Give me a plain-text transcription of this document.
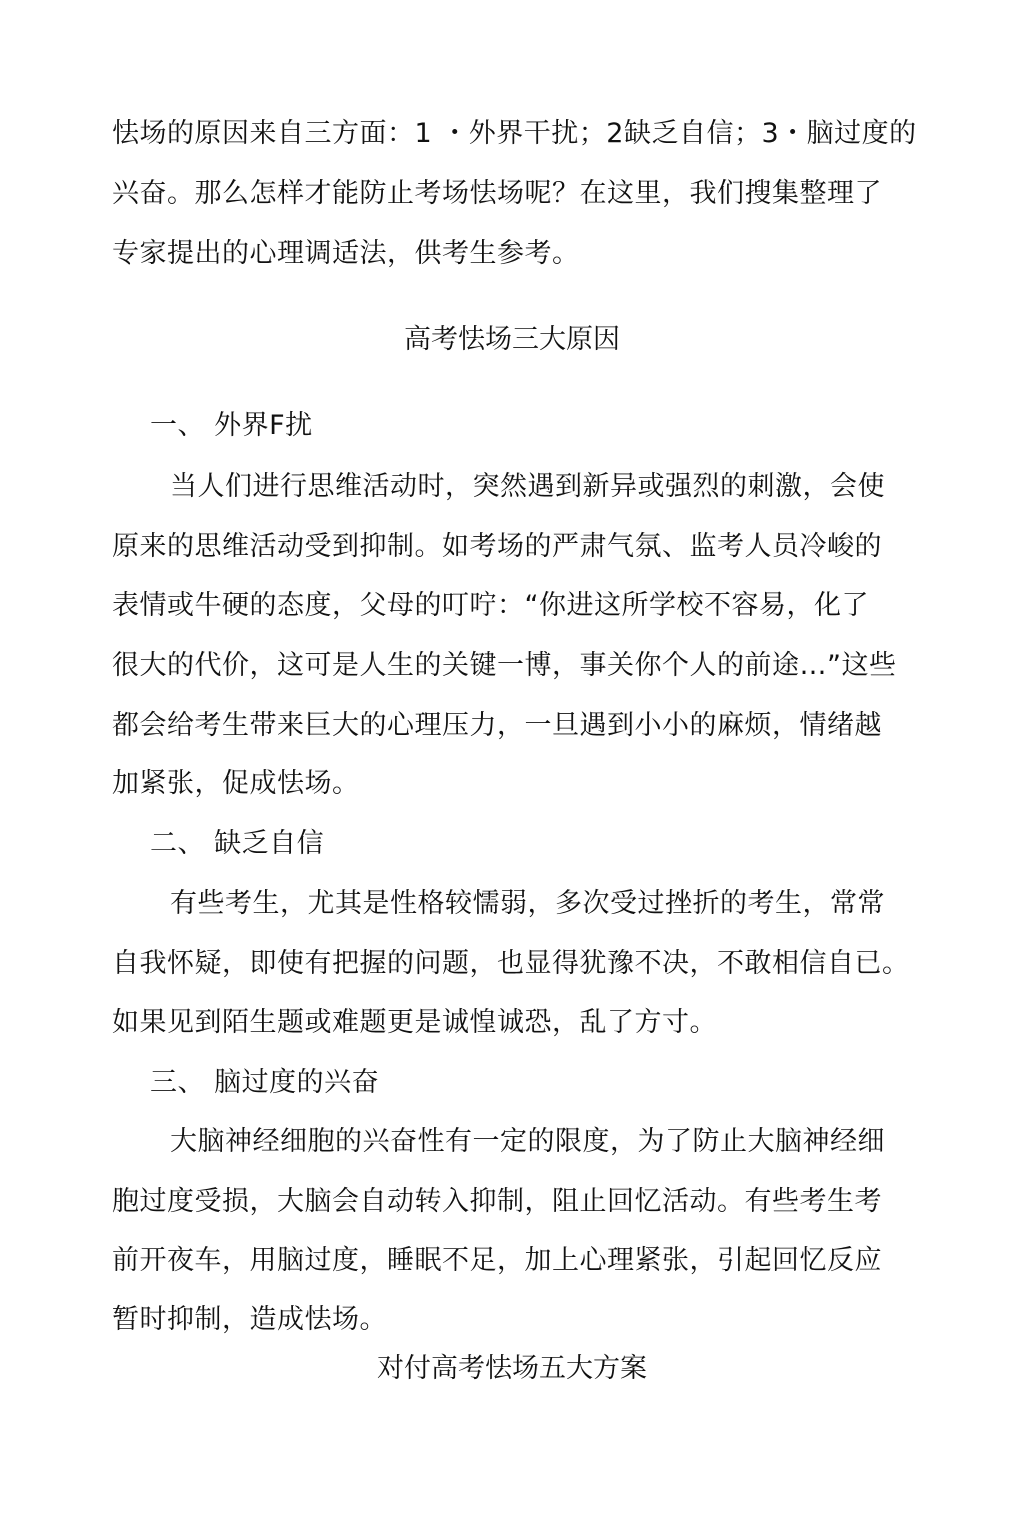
怯场的原因来自三方面：1 ・外界干扰；2缺乏自信；3・脑过度的
兴奋。那么怎样才能防止考场怯场呢？在这里，我们搜集整理了
专家提出的心理调适法，供考生参考。
高考怯场三大原因
一、 外界F扰
当人们进行思维活动时，突然遇到新异或强烈的刺激，会使
原来的思维活动受到抑制。如考场的严肃气氛、监考人员冷峻的
表情或牛硬的态度，父母的叮咛：“你进这所学校不容易，化了
很大的代价，这可是人生的关键一博，事关你个人的前途…”这些
都会给考生带来巨大的心理压力，一旦遇到小小的麻烦，情绪越
加紧张，促成怯场。
二、 缺乏自信
有些考生，尤其是性格较懦弱，多次受过挫折的考生，常常
自我怀疑，即使有把握的问题，也显得犹豫不决，不敢相信自已。
如果见到陌生题或难题更是诚惶诚恐，乱了方寸。
三、 脑过度的兴奋
大脑神经细胞的兴奋性有一定的限度，为了防止大脑神经细
胞过度受损，大脑会自动转入抑制，阻止回忆活动。有些考生考
前开夜车，用脑过度，睡眠不足，加上心理紧张，引起回忆反应
暂时抑制，造成怯场。
对付高考怯场五大方案
